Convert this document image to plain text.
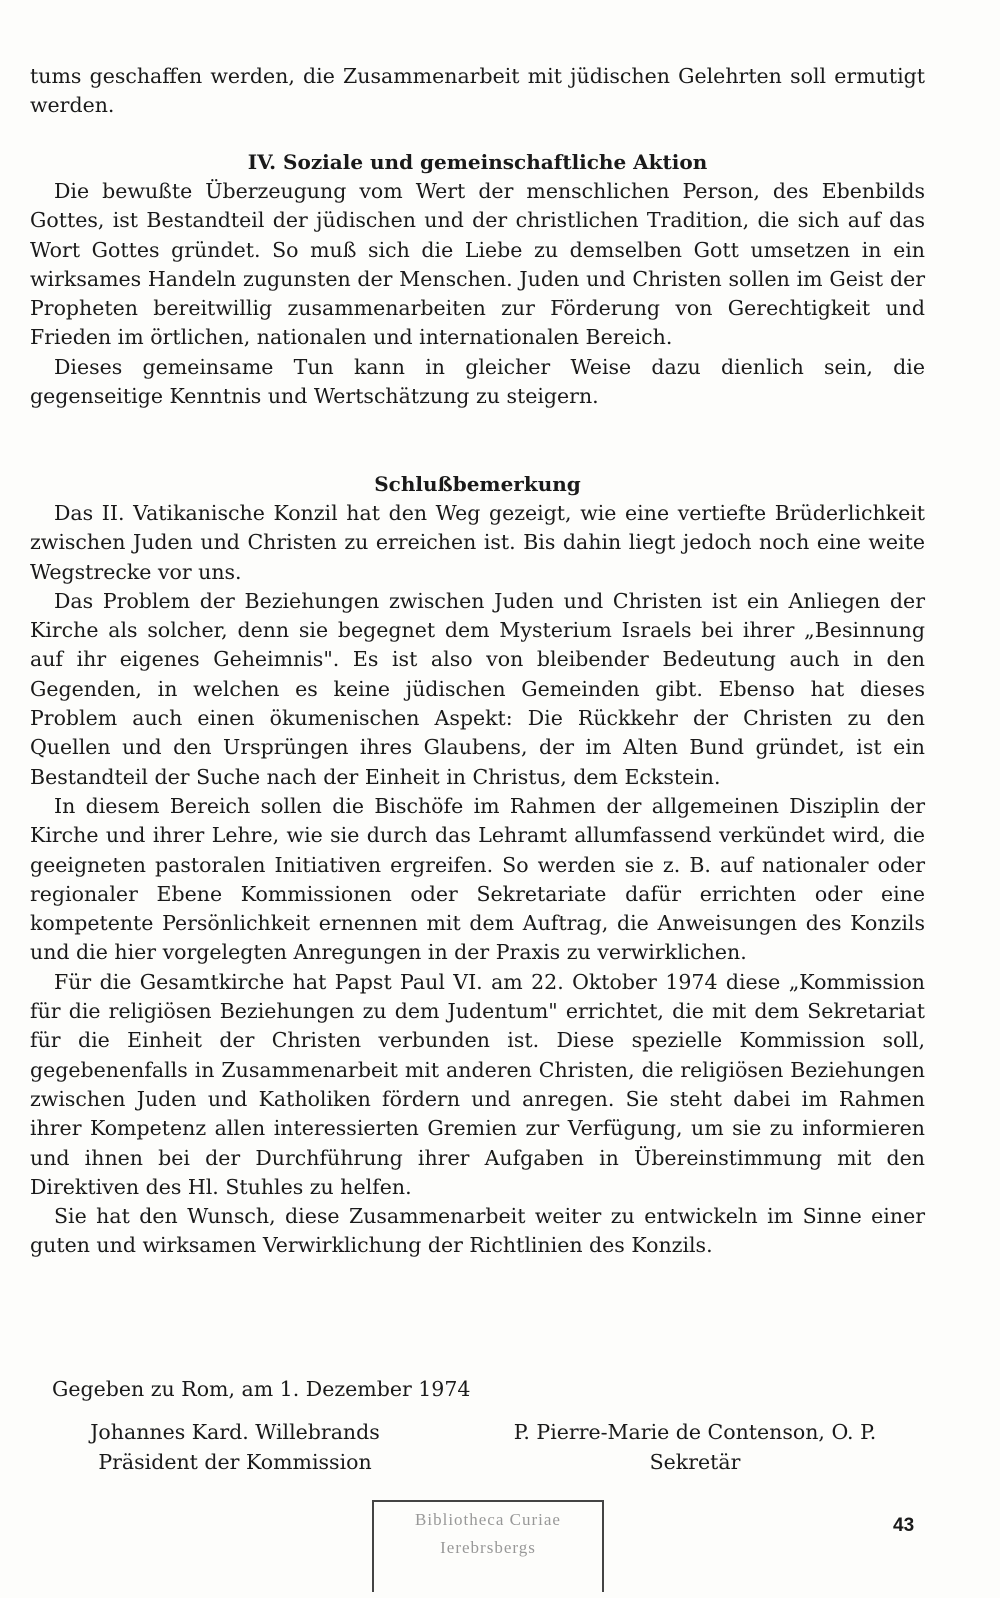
tums geschaffen werden, die Zusammenarbeit mit jüdischen Gelehrten soll ermutigt werden.

IV. Soziale und gemeinschaftliche Aktion

Die bewußte Überzeugung vom Wert der menschlichen Person, des Ebenbilds Gottes, ist Bestandteil der jüdischen und der christlichen Tradition, die sich auf das Wort Gottes gründet. So muß sich die Liebe zu demselben Gott umsetzen in ein wirksames Handeln zugunsten der Menschen. Juden und Christen sollen im Geist der Propheten bereitwillig zusammenarbeiten zur Förderung von Gerechtigkeit und Frieden im örtlichen, nationalen und internationalen Bereich.

Dieses gemeinsame Tun kann in gleicher Weise dazu dienlich sein, die gegenseitige Kenntnis und Wertschätzung zu steigern.

Schlußbemerkung

Das II. Vatikanische Konzil hat den Weg gezeigt, wie eine vertiefte Brüderlichkeit zwischen Juden und Christen zu erreichen ist. Bis dahin liegt jedoch noch eine weite Wegstrecke vor uns.

Das Problem der Beziehungen zwischen Juden und Christen ist ein Anliegen der Kirche als solcher, denn sie begegnet dem Mysterium Israels bei ihrer „Besinnung auf ihr eigenes Geheimnis". Es ist also von bleibender Bedeutung auch in den Gegenden, in welchen es keine jüdischen Gemeinden gibt. Ebenso hat dieses Problem auch einen ökumenischen Aspekt: Die Rückkehr der Christen zu den Quellen und den Ursprüngen ihres Glaubens, der im Alten Bund gründet, ist ein Bestandteil der Suche nach der Einheit in Christus, dem Eckstein.

In diesem Bereich sollen die Bischöfe im Rahmen der allgemeinen Disziplin der Kirche und ihrer Lehre, wie sie durch das Lehramt allumfassend verkündet wird, die geeigneten pastoralen Initiativen ergreifen. So werden sie z. B. auf nationaler oder regionaler Ebene Kommissionen oder Sekretariate dafür errichten oder eine kompetente Persönlichkeit ernennen mit dem Auftrag, die Anweisungen des Konzils und die hier vorgelegten Anregungen in der Praxis zu verwirklichen.

Für die Gesamtkirche hat Papst Paul VI. am 22. Oktober 1974 diese „Kommission für die religiösen Beziehungen zu dem Judentum" errichtet, die mit dem Sekretariat für die Einheit der Christen verbunden ist. Diese spezielle Kommission soll, gegebenenfalls in Zusammenarbeit mit anderen Christen, die religiösen Beziehungen zwischen Juden und Katholiken fördern und anregen. Sie steht dabei im Rahmen ihrer Kompetenz allen interessierten Gremien zur Verfügung, um sie zu informieren und ihnen bei der Durchführung ihrer Aufgaben in Übereinstimmung mit den Direktiven des Hl. Stuhles zu helfen.

Sie hat den Wunsch, diese Zusammenarbeit weiter zu entwickeln im Sinne einer guten und wirksamen Verwirklichung der Richtlinien des Konzils.

Gegeben zu Rom, am 1. Dezember 1974
Johannes Kard. Willebrands
Präsident der Kommission
P. Pierre-Marie de Contenson, O. P.
Sekretär
Bibliotheca Curiae
Ierebrsbergs
43
